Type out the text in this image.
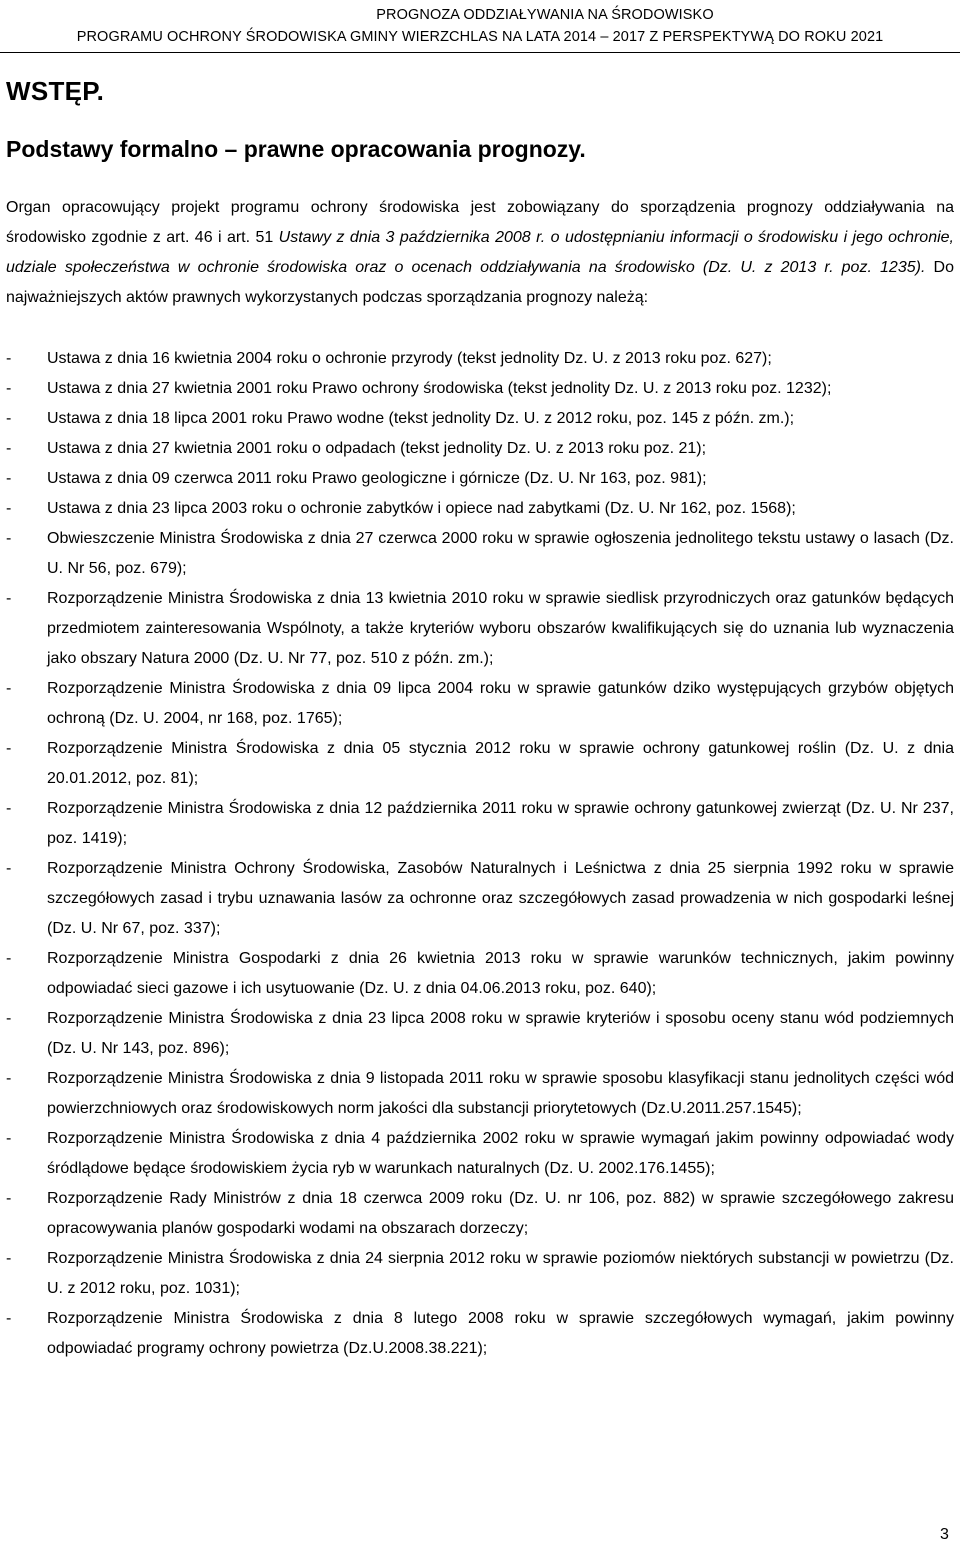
PROGNOZA ODDZIAŁYWANIA NA ŚRODOWISKO
PROGRAMU OCHRONY ŚRODOWISKA GMINY WIERZCHLAS NA LATA 2014 – 2017 Z PERSPEKTYWĄ DO ROKU 2021
WSTĘP.
Podstawy formalno – prawne opracowania prognozy.

Organ opracowujący projekt programu ochrony środowiska jest zobowiązany do sporządzenia prognozy oddziaływania na środowisko zgodnie z art. 46 i art. 51 Ustawy z dnia 3 października 2008 r. o udostępnianiu informacji o środowisku i jego ochronie, udziale społeczeństwa w ochronie środowiska oraz o ocenach oddziaływania na środowisko (Dz. U. z 2013 r. poz. 1235). Do najważniejszych aktów prawnych wykorzystanych podczas sporządzania prognozy należą:

- Ustawa z dnia 16 kwietnia 2004 roku o ochronie przyrody (tekst jednolity Dz. U. z 2013 roku poz. 627);
- Ustawa z dnia 27 kwietnia 2001 roku Prawo ochrony środowiska (tekst jednolity Dz. U. z 2013 roku poz. 1232);
- Ustawa z dnia 18 lipca 2001 roku Prawo wodne (tekst jednolity Dz. U. z 2012 roku, poz. 145 z późn. zm.);
- Ustawa z dnia 27 kwietnia 2001 roku o odpadach (tekst jednolity Dz. U. z 2013 roku poz. 21);
- Ustawa z dnia 09 czerwca 2011 roku Prawo geologiczne i górnicze (Dz. U. Nr 163, poz. 981);
- Ustawa z dnia 23 lipca 2003 roku o ochronie zabytków i opiece nad zabytkami (Dz. U. Nr 162, poz. 1568);
- Obwieszczenie Ministra Środowiska z dnia 27 czerwca 2000 roku w sprawie ogłoszenia jednolitego tekstu ustawy o lasach (Dz. U. Nr 56, poz. 679);
- Rozporządzenie Ministra Środowiska z dnia 13 kwietnia 2010 roku w sprawie siedlisk przyrodniczych oraz gatunków będących przedmiotem zainteresowania Wspólnoty, a także kryteriów wyboru obszarów kwalifikujących się do uznania lub wyznaczenia jako obszary Natura 2000 (Dz. U. Nr 77, poz. 510 z późn. zm.);
- Rozporządzenie Ministra Środowiska z dnia 09 lipca 2004 roku w sprawie gatunków dziko występujących grzybów objętych ochroną (Dz. U. 2004, nr 168, poz. 1765);
- Rozporządzenie Ministra Środowiska z dnia 05 stycznia 2012 roku w sprawie ochrony gatunkowej roślin (Dz. U. z dnia 20.01.2012, poz. 81);
- Rozporządzenie Ministra Środowiska z dnia 12 października 2011 roku w sprawie ochrony gatunkowej zwierząt (Dz. U. Nr 237, poz. 1419);
- Rozporządzenie Ministra Ochrony Środowiska, Zasobów Naturalnych i Leśnictwa z dnia 25 sierpnia 1992 roku w sprawie szczegółowych zasad i trybu uznawania lasów za ochronne oraz szczegółowych zasad prowadzenia w nich gospodarki leśnej (Dz. U. Nr 67, poz. 337);
- Rozporządzenie Ministra Gospodarki z dnia 26 kwietnia 2013 roku w sprawie warunków technicznych, jakim powinny odpowiadać sieci gazowe i ich usytuowanie (Dz. U. z dnia 04.06.2013 roku, poz. 640);
- Rozporządzenie Ministra Środowiska z dnia 23 lipca 2008 roku w sprawie kryteriów i sposobu oceny stanu wód podziemnych (Dz. U. Nr 143, poz. 896);
- Rozporządzenie Ministra Środowiska z dnia 9 listopada 2011 roku w sprawie sposobu klasyfikacji stanu jednolitych części wód powierzchniowych oraz środowiskowych norm jakości dla substancji priorytetowych (Dz.U.2011.257.1545);
- Rozporządzenie Ministra Środowiska z dnia 4 października 2002 roku w sprawie wymagań jakim powinny odpowiadać wody śródlądowe będące środowiskiem życia ryb w warunkach naturalnych (Dz. U. 2002.176.1455);
- Rozporządzenie Rady Ministrów z dnia 18 czerwca 2009 roku (Dz. U. nr 106, poz. 882) w sprawie szczegółowego zakresu opracowywania planów gospodarki wodami na obszarach dorzeczy;
- Rozporządzenie Ministra Środowiska z dnia 24 sierpnia 2012 roku w sprawie poziomów niektórych substancji w powietrzu (Dz. U. z 2012 roku, poz. 1031);
- Rozporządzenie Ministra Środowiska z dnia 8 lutego 2008 roku w sprawie szczegółowych wymagań, jakim powinny odpowiadać programy ochrony powietrza (Dz.U.2008.38.221);
3
